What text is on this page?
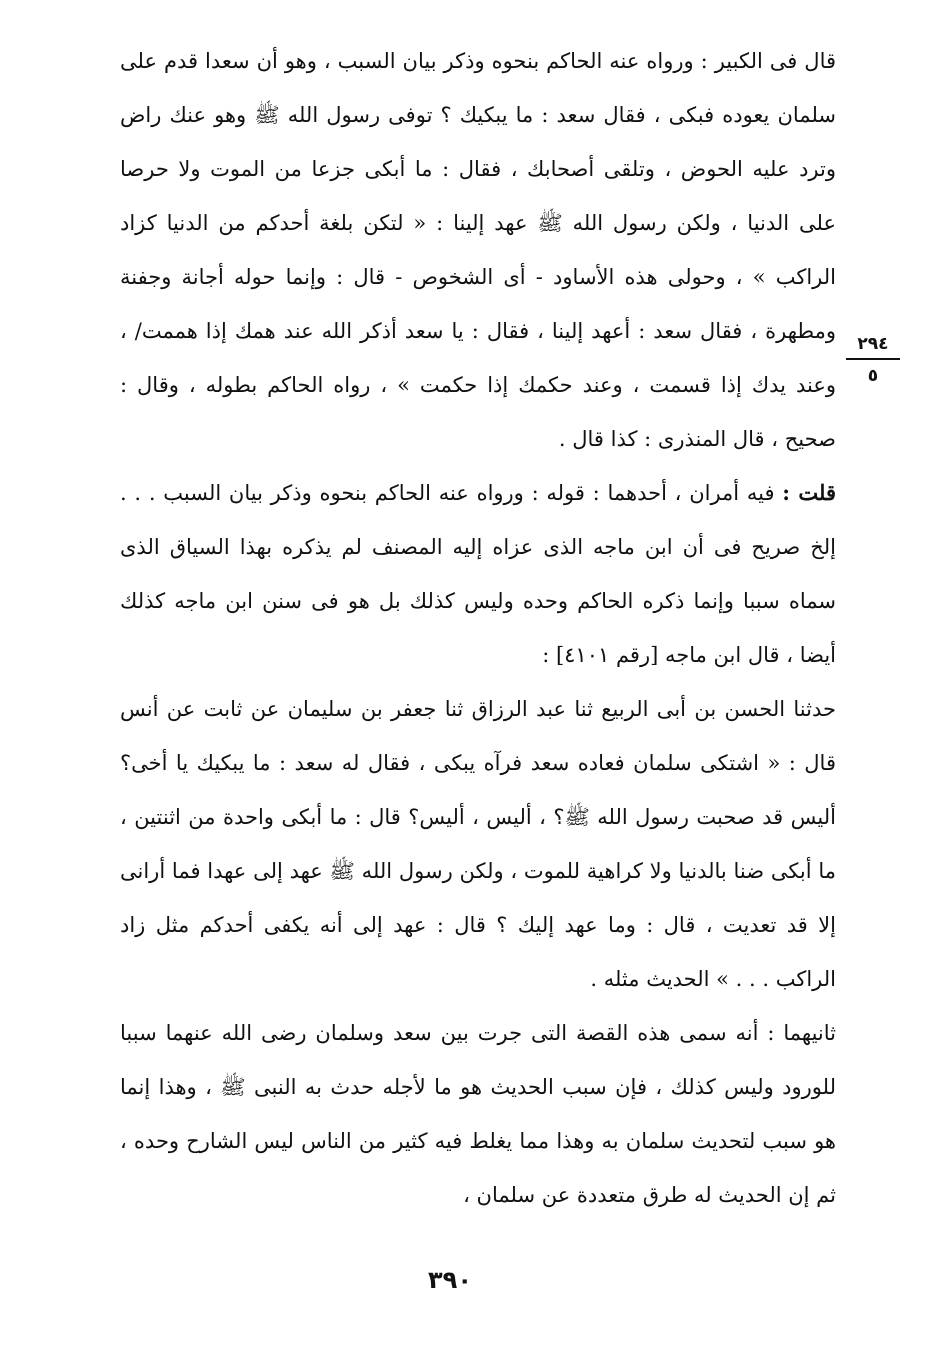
٢٩٤
٥

قال فى الكبير : ورواه عنه الحاكم بنحوه وذكر بيان السبب ، وهو أن سعدا قدم على سلمان يعوده فبكى ، فقال سعد : ما يبكيك ؟ توفى رسول الله ﷺ وهو عنك راض وترد عليه الحوض ، وتلقى أصحابك ، فقال : ما أبكى جزعا من الموت ولا حرصا على الدنيا ، ولكن رسول الله ﷺ عهد إلينا : « لتكن بلغة أحدكم من الدنيا كزاد الراكب » ، وحولى هذه الأساود - أى الشخوص - قال : وإنما حوله أجانة وجفنة ومطهرة ، فقال سعد : أعهد إلينا ، فقال : يا سعد أذكر الله عند همك إذا هممت/ ، وعند يدك إذا قسمت ، وعند حكمك إذا حكمت » ، رواه الحاكم بطوله ، وقال : صحيح ، قال المنذرى : كذا قال .

قلت : فيه أمران ، أحدهما : قوله : ورواه عنه الحاكم بنحوه وذكر بيان السبب . . . إلخ صريح فى أن ابن ماجه الذى عزاه إليه المصنف لم يذكره بهذا السياق الذى سماه سببا وإنما ذكره الحاكم وحده وليس كذلك بل هو فى سنن ابن ماجه كذلك أيضا ، قال ابن ماجه [رقم ٤١٠١] :

حدثنا الحسن بن أبى الربيع ثنا عبد الرزاق ثنا جعفر بن سليمان عن ثابت عن أنس قال : « اشتكى سلمان فعاده سعد فرآه يبكى ، فقال له سعد : ما يبكيك يا أخى؟ أليس قد صحبت رسول الله ﷺ؟ ، أليس ، أليس؟ قال : ما أبكى واحدة من اثنتين ، ما أبكى ضنا بالدنيا ولا كراهية للموت ، ولكن رسول الله ﷺ عهد إلى عهدا فما أرانى إلا قد تعديت ، قال : وما عهد إليك ؟ قال : عهد إلى أنه يكفى أحدكم مثل زاد الراكب . . . » الحديث مثله .

ثانيهما : أنه سمى هذه القصة التى جرت بين سعد وسلمان رضى الله عنهما سببا للورود وليس كذلك ، فإن سبب الحديث هو ما لأجله حدث به النبى ﷺ ، وهذا إنما هو سبب لتحديث سلمان به وهذا مما يغلط فيه كثير من الناس ليس الشارح وحده ، ثم إن الحديث له طرق متعددة عن سلمان ،

٣٩٠
